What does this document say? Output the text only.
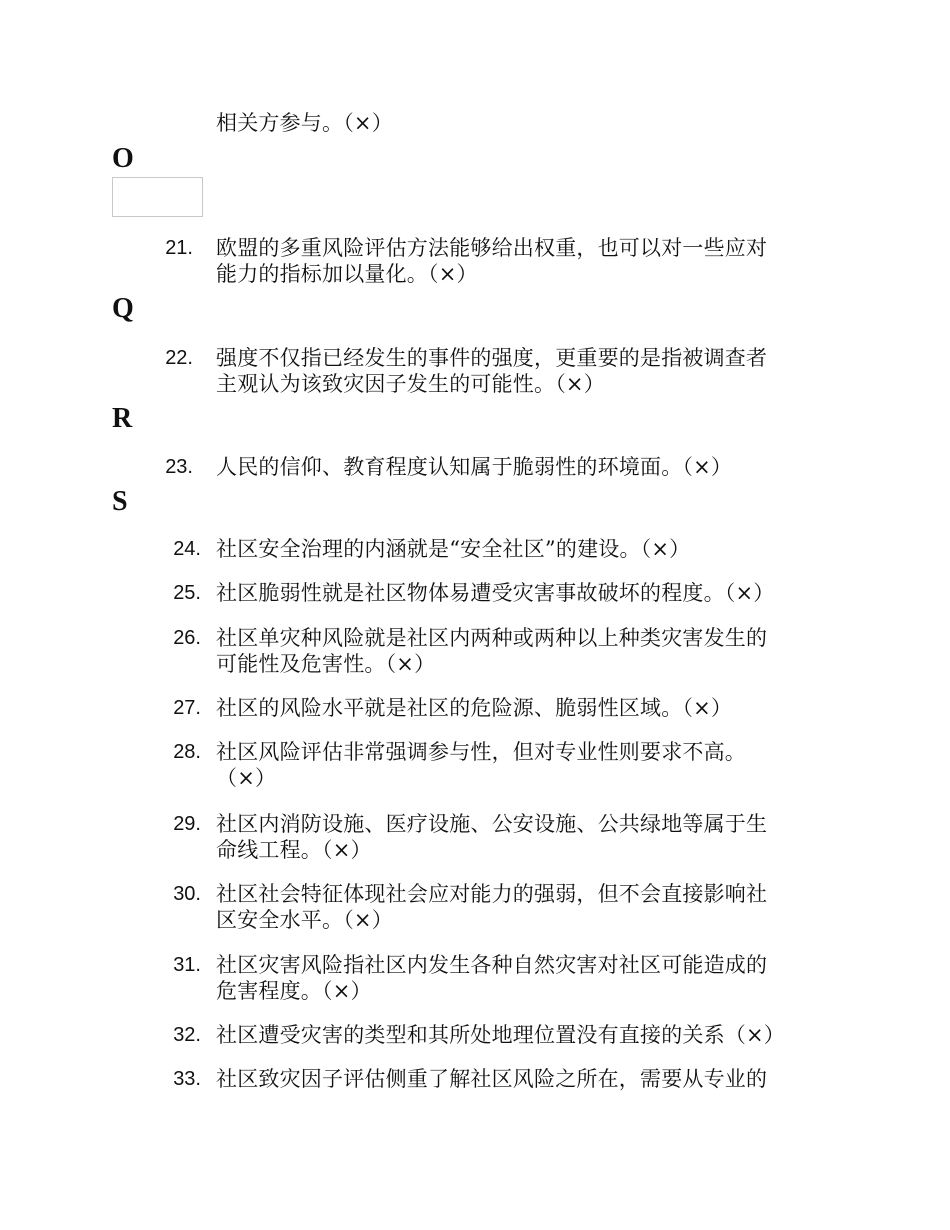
相关方参与。（×）
O
21. 欧盟的多重风险评估方法能够给出权重，也可以对一些应对
能力的指标加以量化。（×）
Q
22. 强度不仅指已经发生的事件的强度，更重要的是指被调查者
主观认为该致灾因子发生的可能性。（×）
R
23. 人民的信仰、教育程度认知属于脆弱性的环境面。（×）
S
24. 社区安全治理的内涵就是“安全社区”的建设。（×）
25. 社区脆弱性就是社区物体易遭受灾害事故破坏的程度。（×）
26. 社区单灾种风险就是社区内两种或两种以上种类灾害发生的
可能性及危害性。（×）
27. 社区的风险水平就是社区的危险源、脆弱性区域。（×）
28. 社区风险评估非常强调参与性，但对专业性则要求不高。
（×）
29. 社区内消防设施、医疗设施、公安设施、公共绿地等属于生
命线工程。（×）
30. 社区社会特征体现社会应对能力的强弱，但不会直接影响社
区安全水平。（×）
31. 社区灾害风险指社区内发生各种自然灾害对社区可能造成的
危害程度。（×）
32. 社区遭受灾害的类型和其所处地理位置没有直接的关系（×）
33. 社区致灾因子评估侧重了解社区风险之所在，需要从专业的
